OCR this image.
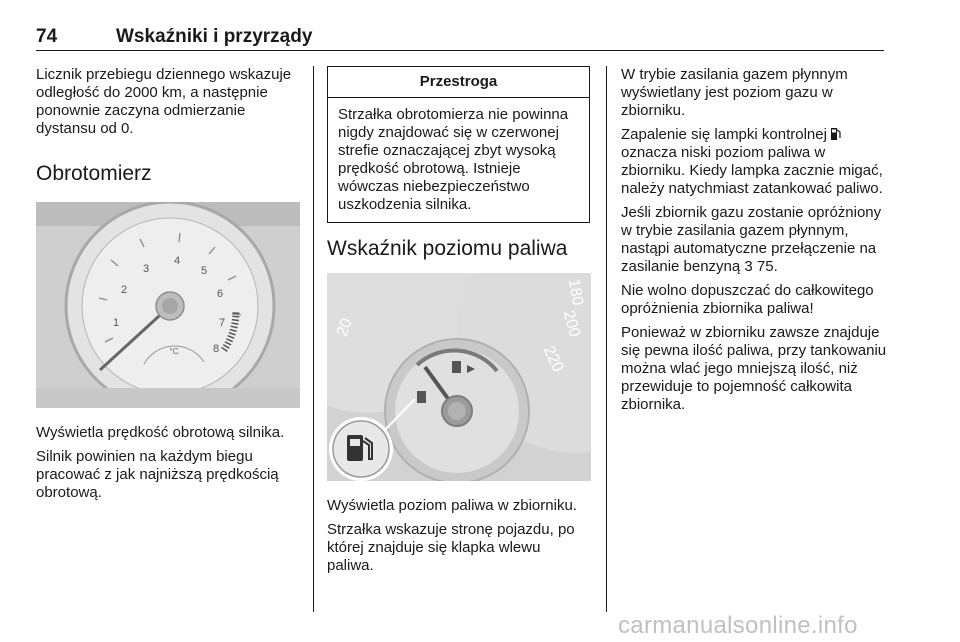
74	Wskaźniki i przyrządy

Licznik przebiegu dziennego wskazuje odległość do 2000 km, a następnie ponownie zaczyna odmierzanie dystansu od 0.

Obrotomierz
1
2
3
4
5
6
7
8
°C

Wyświetla prędkość obrotową silnika.

Silnik powinien na każdym biegu pracować z jak najniższą prędkością obrotową.

Przestroga
Strzałka obrotomierza nie powinna nigdy znajdować się w czerwonej strefie oznaczającej zbyt wysoką prędkość obrotową. Istnieje wówczas niebezpieczeństwo uszkodzenia silnika.
Wskaźnik poziomu paliwa
20
180
200
220

Wyświetla poziom paliwa w zbiorniku.

Strzałka wskazuje stronę pojazdu, po której znajduje się klapka wlewu paliwa.

W trybie zasilania gazem płynnym wyświetlany jest poziom gazu w zbiorniku.

Zapalenie się lampki kontrolnej  oznacza niski poziom paliwa w zbiorniku. Kiedy lampka zacznie migać, należy natychmiast zatankować paliwo.

Jeśli zbiornik gazu zostanie opróżniony w trybie zasilania gazem płynnym, nastąpi automatyczne przełączenie na zasilanie benzyną 3 75.

Nie wolno dopuszczać do całkowitego opróżnienia zbiornika paliwa!

Ponieważ w zbiorniku zawsze znajduje się pewna ilość paliwa, przy tankowaniu można wlać jego mniejszą ilość, niż przewiduje to pojemność całkowita zbiornika.

carmanualsonline.info
